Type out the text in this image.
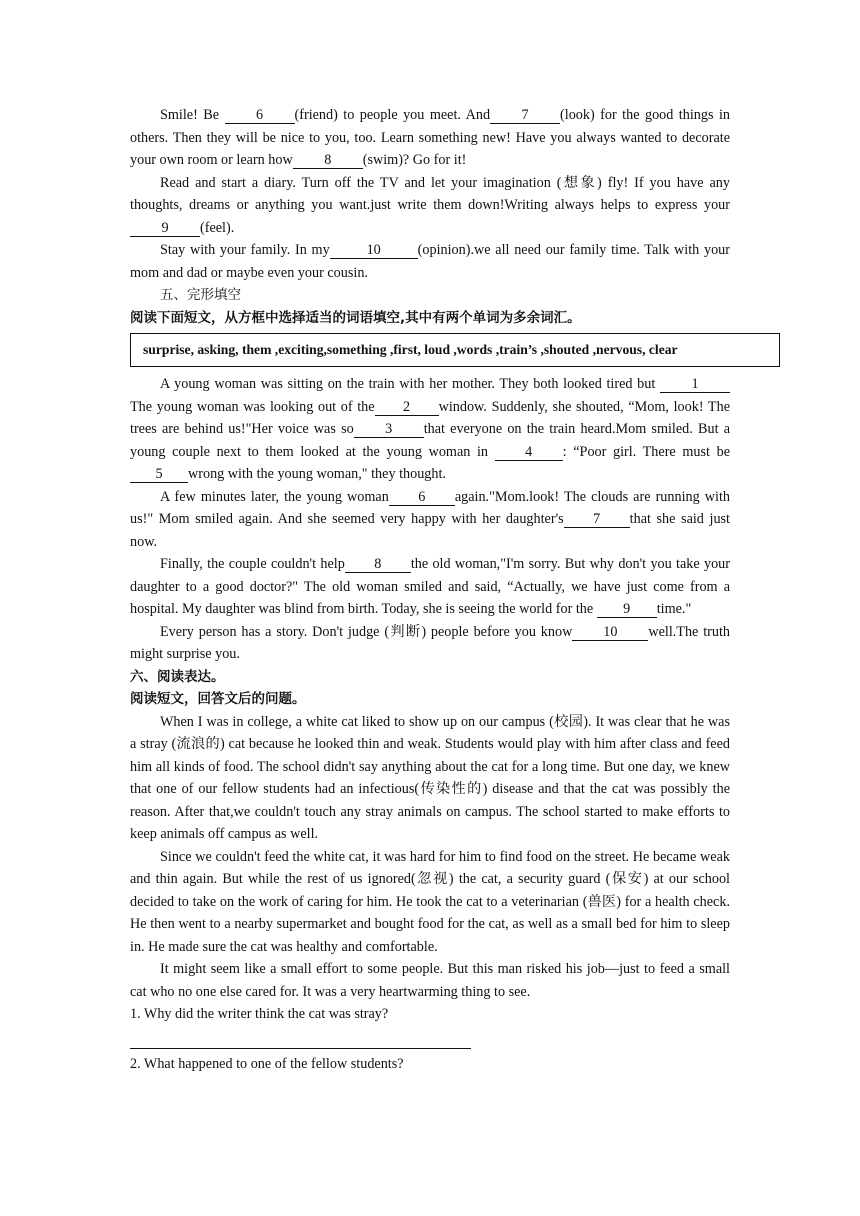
Smile! Be 6 (friend) to people you meet. And 7 (look) for the good things in others. Then they will be nice to you, too. Learn something new! Have you always wanted to decorate your own room or learn how 8 (swim)? Go for it!

Read and start a diary. Turn off the TV and let your imagination (想象) fly! If you have any thoughts, dreams or anything you want.just write them down!Writing always helps to express your9 (feel).

Stay with your family. In my	10	(opinion).we all need our family time. Talk with your mom and dad or maybe even your cousin.

五、完形填空

阅读下面短文，从方框中选择适当的词语填空,其中有两个单词为多余词汇。

surprise, asking, them ,exciting,something ,first, loud ,words ,train’s ,shouted ,nervous, clear

A young woman was sitting on the train with her mother. They both looked tired but	1The young woman was looking out of the 2 window. Suddenly, she shouted, “Mom, look! The trees are behind us!"Her voice was so 3 that everyone on the train heard.Mom smiled. But a young couple next to them looked at the young woman in 4 : “Poor girl. There must be5 wrong with the young woman," they thought.

A few minutes later, the young woman 6 again."Mom.look! The clouds are running with us!" Mom smiled again. And she seemed very happy with her daughter's 7 that she said just now.

Finally, the couple couldn't help 8 the old woman,"I'm sorry. But why don't you take your daughter to a good doctor?" The old woman smiled and said, “Actually, we have just come from a hospital. My daughter was blind from birth. Today, she is seeing the world for the 9 time."

Every person has a story. Don't judge (判断) people before you know 10 well.The truth might surprise you.

六、阅读表达。

阅读短文，回答文后的问题。

When I was in college, a white cat liked to show up on our campus (校园). It was clear that he was a stray (流浪的) cat because he looked thin and weak. Students would play with him after class and feed him all kinds of food. The school didn't say anything about the cat for a long time. But one day, we knew that one of our fellow students had an infectious(传染性的) disease and that the cat was possibly the reason. After that,we couldn't touch any stray animals on campus. The school started to make efforts to keep animals off campus as well.

Since we couldn't feed the white cat, it was hard for him to find food on the street. He became weak and thin again. But while the rest of us ignored(忽视) the cat, a security guard (保安) at our school decided to take on the work of caring for him. He took the cat to a veterinarian (兽医) for a health check. He then went to a nearby supermarket and bought food for the cat, as well as a small bed for him to sleep in. He made sure the cat was healthy and comfortable.

It might seem like a small effort to some people. But this man risked his job—just to feed a small cat who no one else cared for. It was a very heartwarming thing to see.

1. Why did the writer think the cat was stray?

2. What happened to one of the fellow students?
